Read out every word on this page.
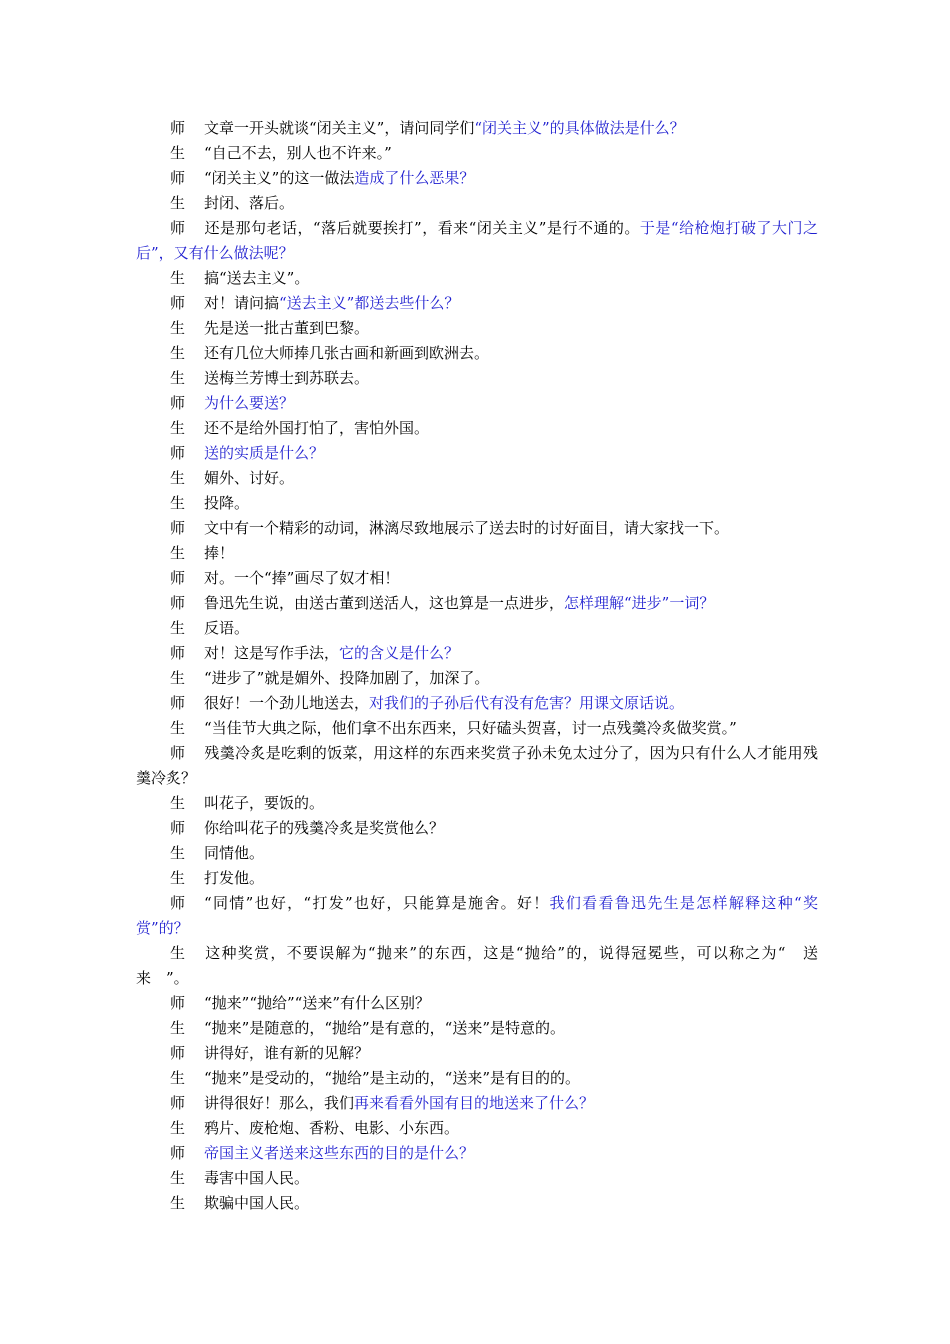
师 文章一开头就谈“闭关主义”，请问同学们“闭关主义”的具体做法是什么？

生 “自己不去，别人也不许来。”

师 “闭关主义”的这一做法造成了什么恶果？

生 封闭、落后。

师 还是那句老话，“落后就要挨打”，看来“闭关主义”是行不通的。于是“给枪炮打破了大门之后”，又有什么做法呢？

生 搞“送去主义”。

师 对！请问搞“送去主义”都送去些什么？

生 先是送一批古董到巴黎。

生 还有几位大师捧几张古画和新画到欧洲去。

生 送梅兰芳博士到苏联去。

师 为什么要送？

生 还不是给外国打怕了，害怕外国。

师 送的实质是什么？

生 媚外、讨好。

生 投降。

师 文中有一个精彩的动词，淋漓尽致地展示了送去时的讨好面目，请大家找一下。

生 捧！

师 对。一个“捧”画尽了奴才相！

师 鲁迅先生说，由送古董到送活人，这也算是一点进步，怎样理解“进步”一词？

生 反语。

师 对！这是写作手法，它的含义是什么？

生 “进步了”就是媚外、投降加剧了，加深了。

师 很好！一个劲儿地送去，对我们的子孙后代有没有危害？用课文原话说。

生 “当佳节大典之际，他们拿不出东西来，只好磕头贺喜，讨一点残羹冷炙做奖赏。”

师 残羹冷炙是吃剩的饭菜，用这样的东西来奖赏子孙未免太过分了，因为只有什么人才能用残羹冷炙？

生 叫花子，要饭的。

师 你给叫花子的残羹冷炙是奖赏他么？

生 同情他。

生 打发他。

师 “同情”也好，“打发”也好，只能算是施舍。好！我们看看鲁迅先生是怎样解释这种“奖赏”的？

生 这种奖赏，不要误解为“抛来”的东西，这是“抛给”的，说得冠冕些，可以称之为“　送来　”。

师 “抛来”“抛给”“送来”有什么区别？

生 “抛来”是随意的，“抛给”是有意的，“送来”是特意的。

师 讲得好，谁有新的见解？

生 “抛来”是受动的，“抛给”是主动的，“送来”是有目的的。

师 讲得很好！那么，我们再来看看外国有目的地送来了什么？

生 鸦片、废枪炮、香粉、电影、小东西。

师 帝国主义者送来这些东西的目的是什么？

生 毒害中国人民。

生 欺骗中国人民。
